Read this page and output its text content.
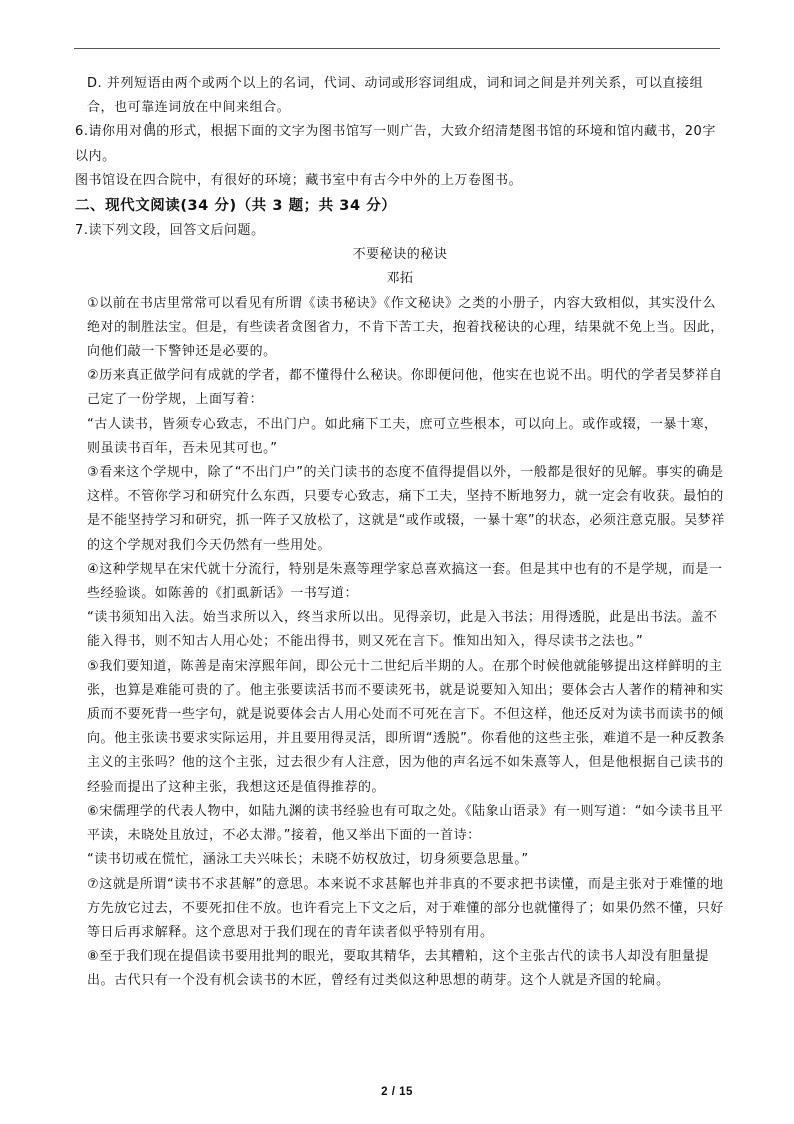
D. 并列短语由两个或两个以上的名词，代词、动词或形容词组成，词和词之间是并列关系，可以直接组合，也可靠连词放在中间来组合。

6.请你用对偶的形式，根据下面的文字为图书馆写一则广告，大致介绍清楚图书馆的环境和馆内藏书，20字以内。

图书馆设在四合院中，有很好的环境；藏书室中有古今中外的上万卷图书。

二、现代文阅读(34 分)（共 3 题；共 34 分）

7.读下列文段，回答文后问题。

不要秘诀的秘诀

邓拓

①以前在书店里常常可以看见有所谓《读书秘诀》《作文秘诀》之类的小册子，内容大致相似，其实没什么绝对的制胜法宝。但是，有些读者贪图省力，不肯下苦工夫，抱着找秘诀的心理，结果就不免上当。因此，向他们敲一下警钟还是必要的。

②历来真正做学问有成就的学者，都不懂得什么秘诀。你即便问他，他实在也说不出。明代的学者吴梦祥自己定了一份学规，上面写着：

“古人读书，皆须专心致志，不出门户。如此痛下工夫，庶可立些根本，可以向上。或作或辍，一暴十寒，则虽读书百年，吾未见其可也。”

③看来这个学规中，除了“不出门户”的关门读书的态度不值得提倡以外，一般都是很好的见解。事实的确是这样。不管你学习和研究什么东西，只要专心致志，痛下工夫，坚持不断地努力，就一定会有收获。最怕的是不能坚持学习和研究，抓一阵子又放松了，这就是“或作或辍，一暴十寒”的状态，必须注意克服。吴梦祥的这个学规对我们今天仍然有一些用处。

④这种学规早在宋代就十分流行，特别是朱熹等理学家总喜欢搞这一套。但是其中也有的不是学规，而是一些经验谈。如陈善的《扪虱新话》一书写道：

“读书须知出入法。始当求所以入，终当求所以出。见得亲切，此是入书法；用得透脱，此是出书法。盖不能入得书，则不知古人用心处；不能出得书，则又死在言下。惟知出知入，得尽读书之法也。”

⑤我们要知道，陈善是南宋淳熙年间，即公元十二世纪后半期的人。在那个时候他就能够提出这样鲜明的主张，也算是难能可贵的了。他主张要读活书而不要读死书，就是说要知入知出；要体会古人著作的精神和实质而不要死背一些字句，就是说要体会古人用心处而不可死在言下。不但这样，他还反对为读书而读书的倾向。他主张读书要求实际运用，并且要用得灵活，即所谓“透脱”。你看他的这些主张，难道不是一种反教条主义的主张吗？他的这个主张，过去很少有人注意，因为他的声名远不如朱熹等人，但是他根据自己读书的经验而提出了这种主张，我想这还是值得推荐的。

⑥宋儒理学的代表人物中，如陆九渊的读书经验也有可取之处。《陆象山语录》有一则写道：“如今读书且平平读，未晓处且放过，不必太滞。”接着，他又举出下面的一首诗：

“读书切戒在慌忙，涵泳工夫兴味长；未晓不妨权放过，切身须要急思量。”

⑦这就是所谓“读书不求甚解”的意思。本来说不求甚解也并非真的不要求把书读懂，而是主张对于难懂的地方先放它过去，不要死扣住不放。也许看完上下文之后，对于难懂的部分也就懂得了；如果仍然不懂，只好等日后再求解释。这个意思对于我们现在的青年读者似乎特别有用。

⑧至于我们现在提倡读书要用批判的眼光，要取其精华，去其糟粕，这个主张古代的读书人却没有胆量提出。古代只有一个没有机会读书的木匠，曾经有过类似这种思想的萌芽。这个人就是齐国的轮扁。

2 / 15
